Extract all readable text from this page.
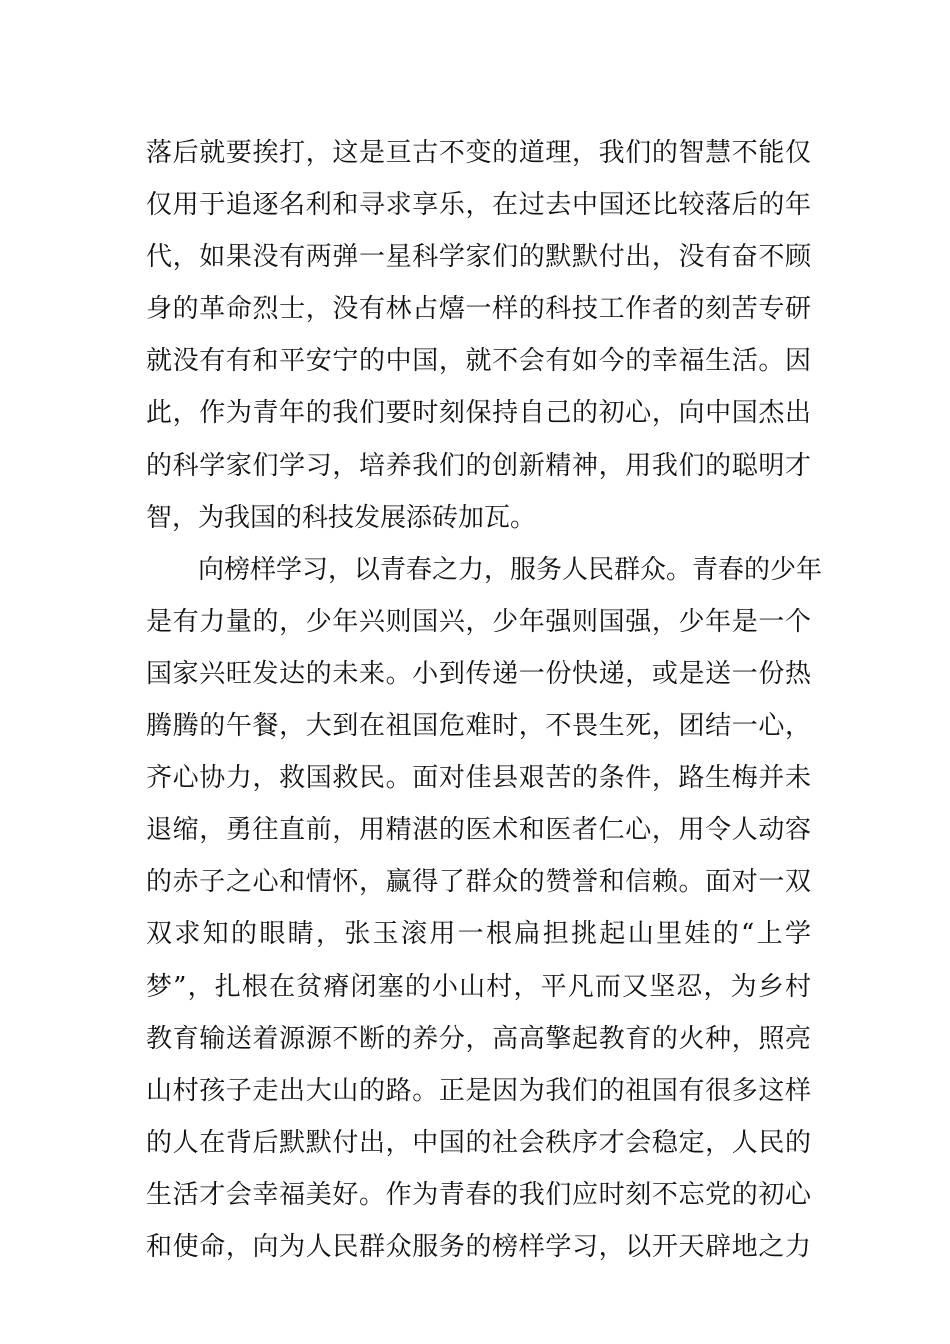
落后就要挨打，这是亘古不变的道理，我们的智慧不能仅
仅用于追逐名利和寻求享乐，在过去中国还比较落后的年
代，如果没有两弹一星科学家们的默默付出，没有奋不顾
身的革命烈士，没有林占熺一样的科技工作者的刻苦专研
就没有有和平安宁的中国，就不会有如今的幸福生活。因
此，作为青年的我们要时刻保持自己的初心，向中国杰出
的科学家们学习，培养我们的创新精神，用我们的聪明才
智，为我国的科技发展添砖加瓦。
　　向榜样学习，以青春之力，服务人民群众。青春的少年
是有力量的，少年兴则国兴，少年强则国强，少年是一个
国家兴旺发达的未来。小到传递一份快递，或是送一份热
腾腾的午餐，大到在祖国危难时，不畏生死，团结一心，
齐心协力，救国救民。面对佳县艰苦的条件，路生梅并未
退缩，勇往直前，用精湛的医术和医者仁心，用令人动容
的赤子之心和情怀，赢得了群众的赞誉和信赖。面对一双
双求知的眼睛，张玉滚用一根扁担挑起山里娃的“上学
梦”，扎根在贫瘠闭塞的小山村，平凡而又坚忍，为乡村
教育输送着源源不断的养分，高高擎起教育的火种，照亮
山村孩子走出大山的路。正是因为我们的祖国有很多这样
的人在背后默默付出，中国的社会秩序才会稳定，人民的
生活才会幸福美好。作为青春的我们应时刻不忘党的初心
和使命，向为人民群众服务的榜样学习，以开天辟地之力
